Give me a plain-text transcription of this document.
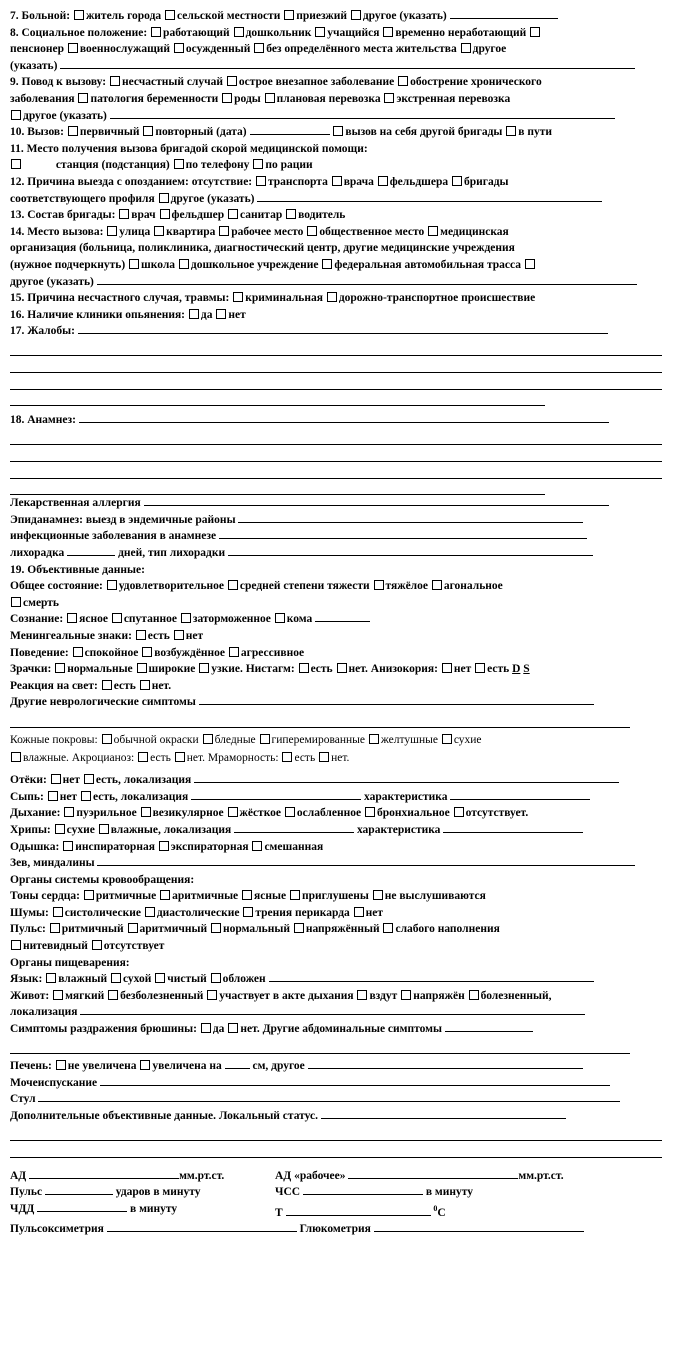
7. Больной: житель города сельской местности приезжий другое (указать)
8. Социальное положение: работающий дошкольник учащийся временно неработающий
пенсионер военнослужащий осужденный без определённого места жительства другое
(указать)
9. Повод к вызову: несчастный случай острое внезапное заболевание обострение хронического
заболевания патология беременности роды плановая перевозка экстренная перевозка
другое (указать)
10. Вызов: первичный повторный (дата)	вызов на себя другой бригады в пути
11. Место получения вызова бригадой скорой медицинской помощи:
станция (подстанция) по телефону по рации
12. Причина выезда с опозданием: отсутствие: транспорта врача фельдшера бригады
соответствующего профиля другое (указать)
13. Состав бригады: врач фельдшер санитар водитель
14. Место вызова: улица квартира рабочее место общественное место медицинская
организация (больница, поликлиника, диагностический центр, другие медицинские учреждения
(нужное подчеркнуть) школа дошкольное учреждение федеральная автомобильная трасса
другое (указать)
15. Причина несчастного случая, травмы: криминальная дорожно-транспортное происшествие
16. Наличие клиники опьянения: да нет
17. Жалобы:
18. Анамнез:
Лекарственная аллергия
Эпиданамнез: выезд в эндемичные районы
инфекционные заболевания в анамнезе
лихорадка	дней, тип лихорадки
19. Объективные данные:
Общее состояние: удовлетворительное средней степени тяжести тяжёлое агональное
смерть
Сознание: ясное спутанное заторможенное кома
Менингеальные знаки: есть нет
Поведение: спокойное возбуждённое агрессивное
Зрачки: нормальные широкие узкие. Нистагм: есть нет. Анизокория: нет есть D S
Реакция на свет: есть нет.
Другие неврологические симптомы
Кожные покровы: обычной окраски бледные гиперемированные желтушные сухие
влажные. Акроцианоз: есть нет. Мраморность: есть нет.
Отёки: нет есть, локализация
Сыпь: нет есть, локализация	характеристика
Дыхание: пуэрильное везикулярное жёсткое ослабленное бронхиальное отсутствует.
Хрипы: сухие влажные, локализация	характеристика
Одышка: инспираторная экспираторная смешанная
Зев, миндалины
Органы системы кровообращения:
Тоны сердца: ритмичные аритмичные ясные приглушены не выслушиваются
Шумы: систолические диастолические трения перикарда нет
Пульс: ритмичный аритмичный нормальный напряжённый слабого наполнения
нитевидный отсутствует
Органы пищеварения:
Язык: влажный сухой чистый обложен
Живот: мягкий безболезненный участвует в акте дыхания вздут напряжён болезненный,
локализация
Симптомы раздражения брюшины: да нет. Другие абдоминальные симптомы
Печень: не увеличена увеличена на	см, другое
Мочеиспускание
Стул
Дополнительные объективные данные. Локальный статус.
АД	мм.рт.ст.	АД «рабочее»	мм.рт.ст.
Пульс	ударов в минуту	ЧСС	в минуту
ЧДД	в минуту	Т	$^0$С
Пульсоксиметрия	Глюкометрия
